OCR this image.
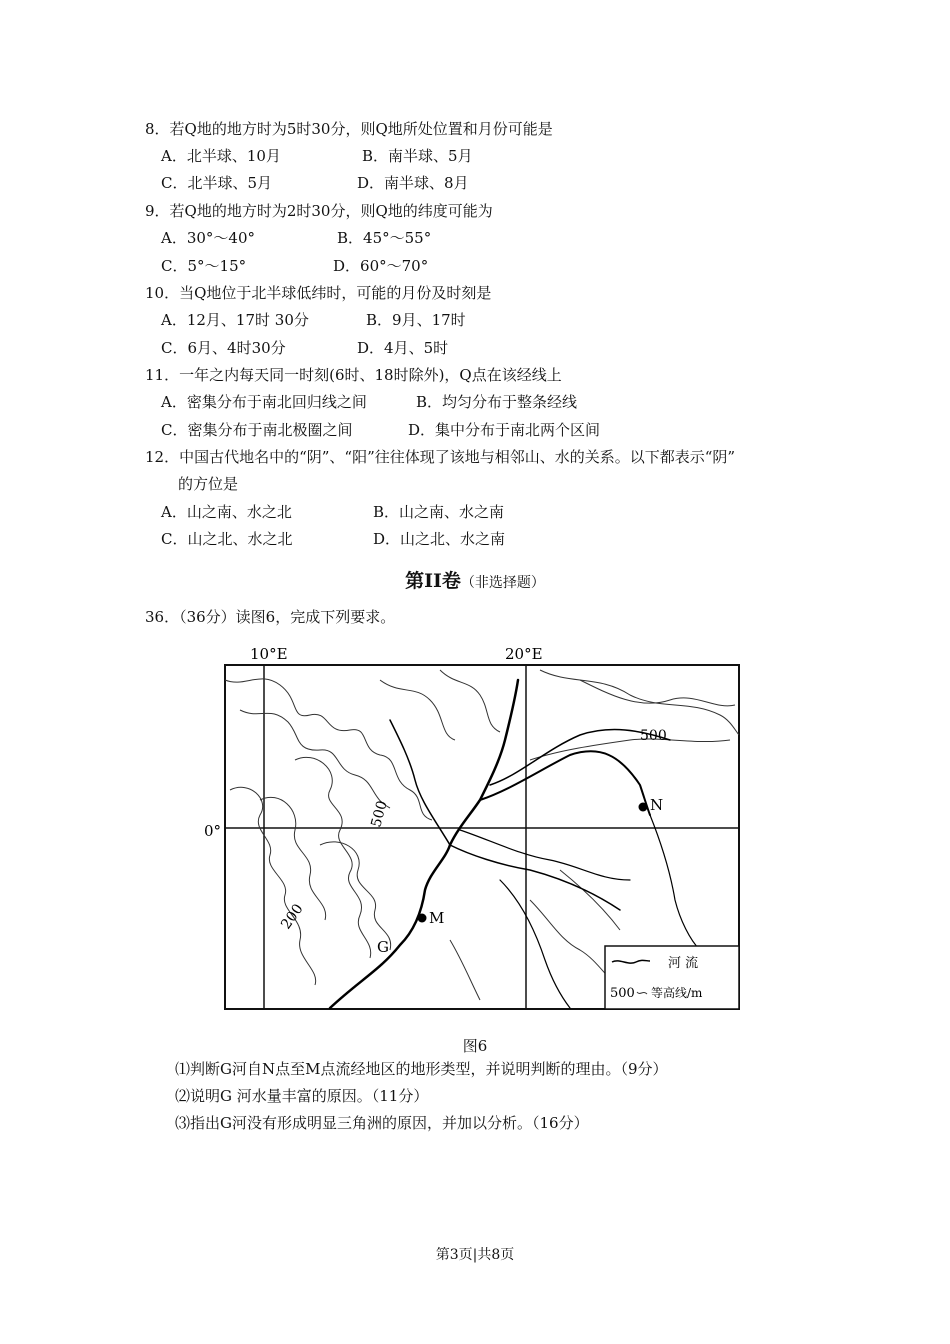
8．若Q地的地方时为5时30分，则Q地所处位置和月份可能是
A．北半球、10月	B．南半球、5月
C．北半球、5月	D．南半球、8月
9．若Q地的地方时为2时30分，则Q地的纬度可能为
A．30°～40°	B．45°～55°
C．5°～15°	D．60°～70°
10．当Q地位于北半球低纬时，可能的月份及时刻是
A．12月、17时 30分	B．9月、17时
C．6月、4时30分	D．4月、5时
11．一年之内每天同一时刻(6时、18时除外)，Q点在该经线上
A．密集分布于南北回归线之间	B．均匀分布于整条经线
C．密集分布于南北极圈之间	D．集中分布于南北两个区间
12．中国古代地名中的“阴”、“阳”往往体现了该地与相邻山、水的关系。以下都表示“阴”
的方位是
A．山之南、水之北	B．山之南、水之南
C．山之北、水之北	D．山之北、水之南
第II卷（非选择题）
36．（36分）读图6，完成下列要求。
10°E	20°E
0°
500
500
200
N
M
G
河 流
500 等高线/m
图6
⑴判断G河自N点至M点流经地区的地形类型，并说明判断的理由。（9分）
⑵说明G 河水量丰富的原因。（11分）
⑶指出G河没有形成明显三角洲的原因，并加以分析。（16分）
第3页|共8页
